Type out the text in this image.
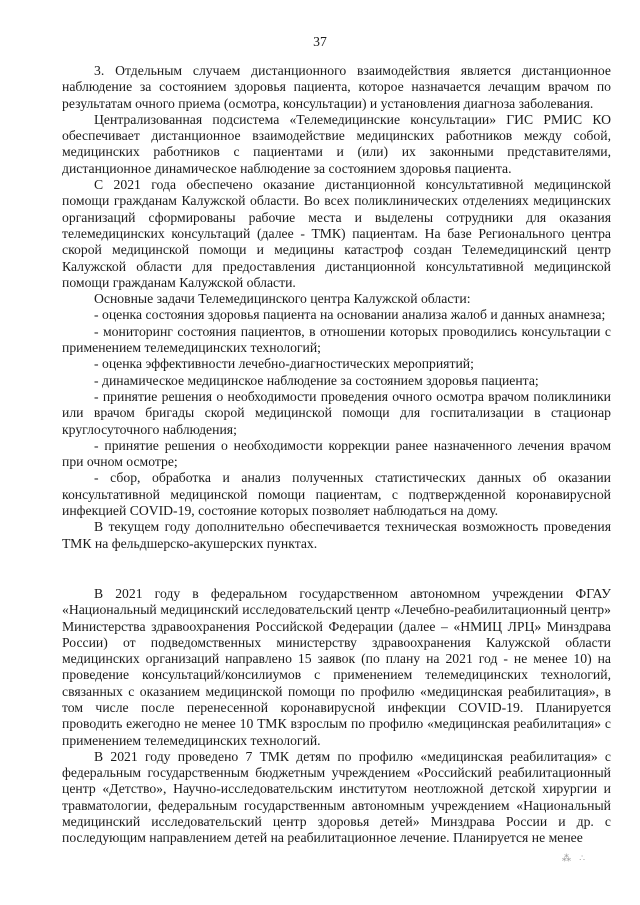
37

3. Отдельным случаем дистанционного взаимодействия является дистанционное наблюдение за состоянием здоровья пациента, которое назначается лечащим врачом по результатам очного приема (осмотра, консультации) и установления диагноза заболевания.

Централизованная подсистема «Телемедицинские консультации» ГИС РМИС КО обеспечивает дистанционное взаимодействие медицинских работников между собой, медицинских работников с пациентами и (или) их законными представителями, дистанционное динамическое наблюдение за состоянием здоровья пациента.

С 2021 года обеспечено оказание дистанционной консультативной медицинской помощи гражданам Калужской области. Во всех поликлинических отделениях медицинских организаций сформированы рабочие места и выделены сотрудники для оказания телемедицинских консультаций (далее - ТМК) пациентам. На базе Регионального центра скорой медицинской помощи и медицины катастроф создан Телемедицинский центр Калужской области для предоставления дистанционной консультативной медицинской помощи гражданам Калужской области.

Основные задачи Телемедицинского центра Калужской области:

- оценка состояния здоровья пациента на основании анализа жалоб и данных анамнеза;

- мониторинг состояния пациентов, в отношении которых проводились консультации с применением телемедицинских технологий;

- оценка эффективности лечебно-диагностических мероприятий;

- динамическое медицинское наблюдение за состоянием здоровья пациента;

- принятие решения о необходимости проведения очного осмотра врачом поликлиники или врачом бригады скорой медицинской помощи для госпитализации в стационар круглосуточного наблюдения;

- принятие решения о необходимости коррекции ранее назначенного лечения врачом при очном осмотре;

- сбор, обработка и анализ полученных статистических данных об оказании консультативной медицинской помощи пациентам, с подтвержденной коронавирусной инфекцией COVID-19, состояние которых позволяет наблюдаться на дому.

В текущем году дополнительно обеспечивается техническая возможность проведения ТМК на фельдшерско-акушерских пунктах.

В 2021 году в федеральном государственном автономном учреждении ФГАУ «Национальный медицинский исследовательский центр «Лечебно-реабилитационный центр» Министерства здравоохранения Российской Федерации (далее – «НМИЦ ЛРЦ» Минздрава России) от подведомственных министерству здравоохранения Калужской области медицинских организаций направлено 15 заявок (по плану на 2021 год - не менее 10) на проведение консультаций/консилиумов с применением телемедицинских технологий, связанных с оказанием медицинской помощи по профилю «медицинская реабилитация», в том числе после перенесенной коронавирусной инфекции COVID-19. Планируется проводить ежегодно не менее 10 ТМК взрослым по профилю «медицинская реабилитация» с применением телемедицинских технологий.

В 2021 году проведено 7 ТМК детям по профилю «медицинская реабилитация» с федеральным государственным бюджетным учреждением «Российский реабилитационный центр «Детство», Научно-исследовательским институтом неотложной детской хирургии и травматологии, федеральным государственным автономным учреждением «Национальный медицинский исследовательский центр здоровья детей» Минздрава России и др. с последующим направлением детей на реабилитационное лечение. Планируется не менее

⁂ ∴
